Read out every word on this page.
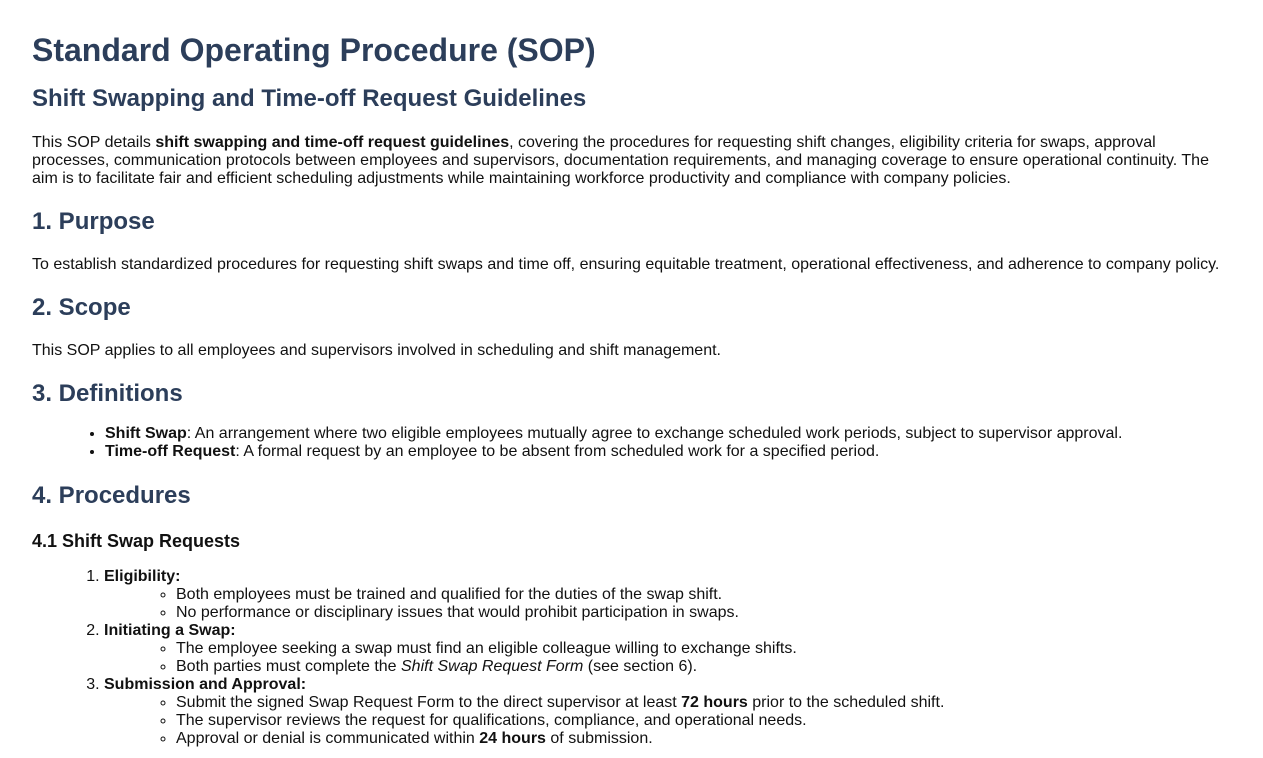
Standard Operating Procedure (SOP)
Shift Swapping and Time-off Request Guidelines

This SOP details shift swapping and time-off request guidelines, covering the procedures for requesting shift changes, eligibility criteria for swaps, approval processes, communication protocols between employees and supervisors, documentation requirements, and managing coverage to ensure operational continuity. The aim is to facilitate fair and efficient scheduling adjustments while maintaining workforce productivity and compliance with company policies.

1. Purpose

To establish standardized procedures for requesting shift swaps and time off, ensuring equitable treatment, operational effectiveness, and adherence to company policy.

2. Scope

This SOP applies to all employees and supervisors involved in scheduling and shift management.

3. Definitions
• Shift Swap: An arrangement where two eligible employees mutually agree to exchange scheduled work periods, subject to supervisor approval.
• Time-off Request: A formal request by an employee to be absent from scheduled work for a specified period.
4. Procedures
4.1 Shift Swap Requests
1. Eligibility:
◦ Both employees must be trained and qualified for the duties of the swap shift.
◦ No performance or disciplinary issues that would prohibit participation in swaps.
2. Initiating a Swap:
◦ The employee seeking a swap must find an eligible colleague willing to exchange shifts.
◦ Both parties must complete the Shift Swap Request Form (see section 6).
3. Submission and Approval:
◦ Submit the signed Swap Request Form to the direct supervisor at least 72 hours prior to the scheduled shift.
◦ The supervisor reviews the request for qualifications, compliance, and operational needs.
◦ Approval or denial is communicated within 24 hours of submission.
